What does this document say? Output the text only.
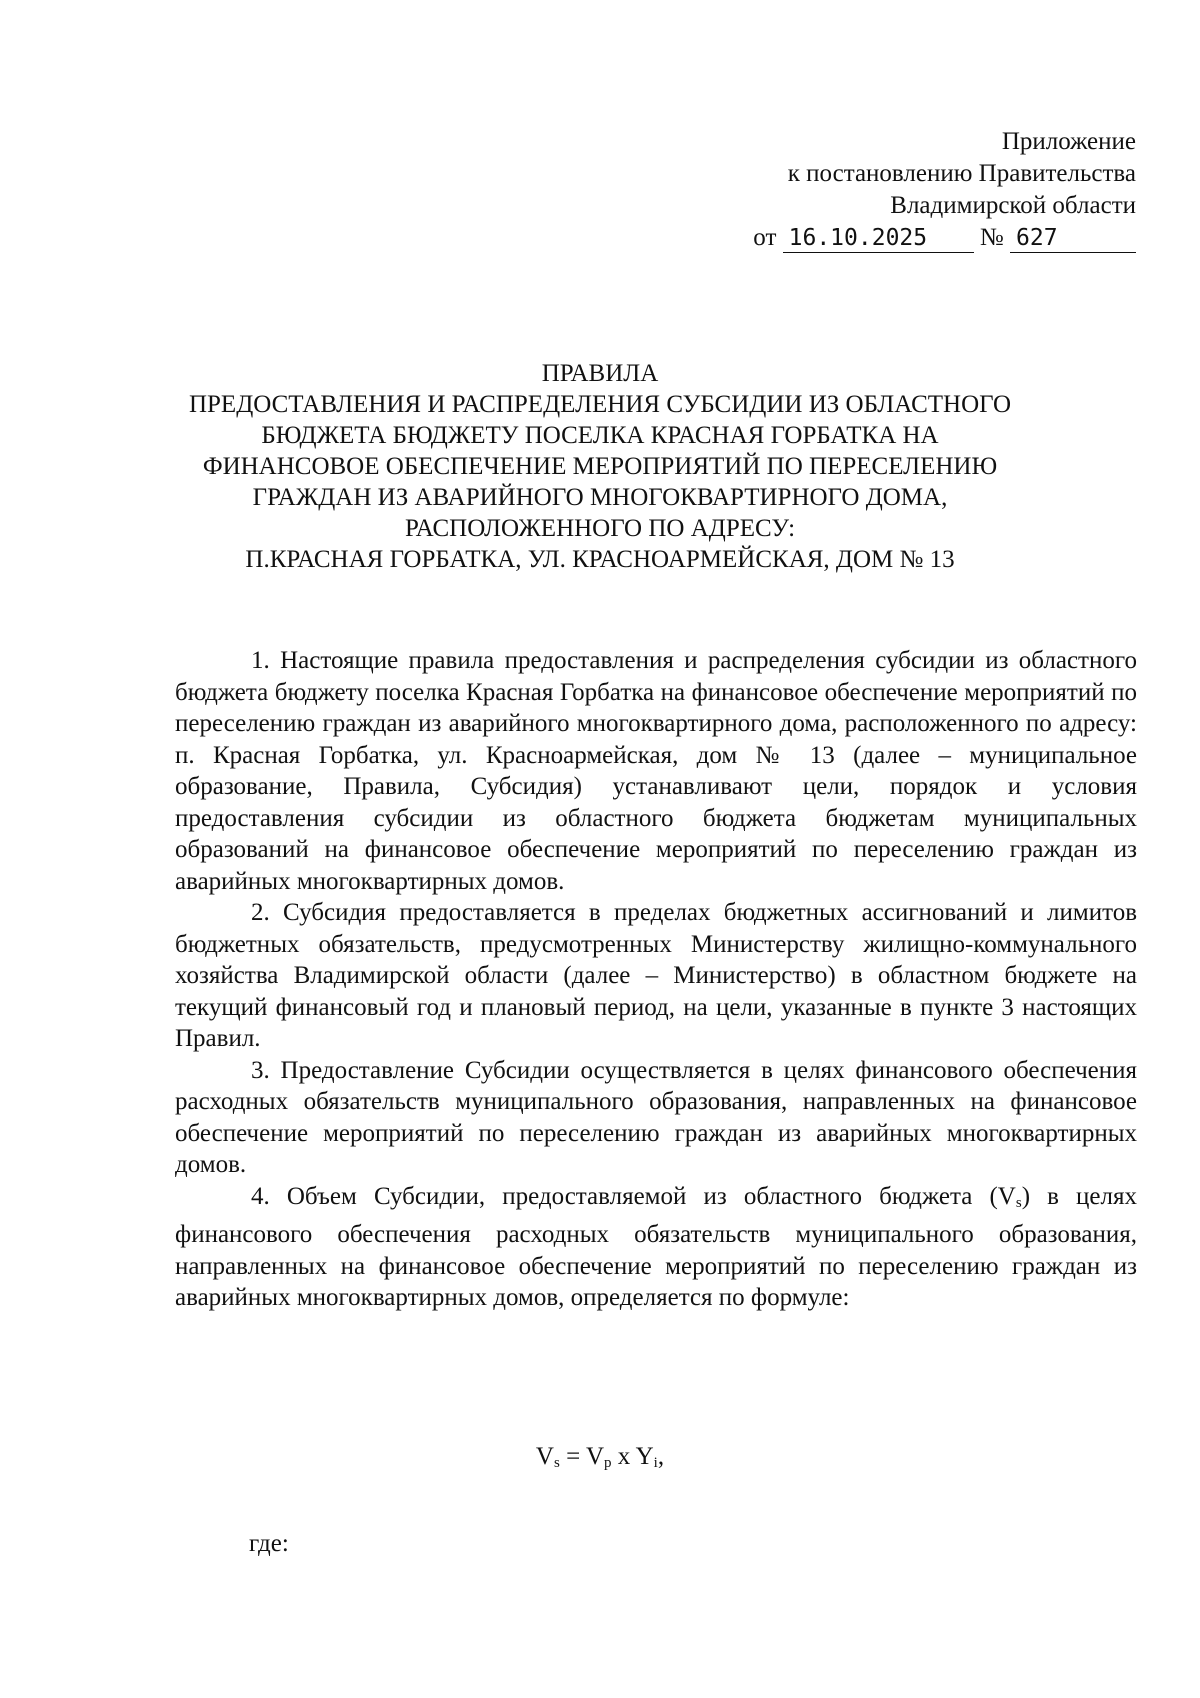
Приложение
к постановлению Правительства
Владимирской области
от 16.10.2025 № 627
ПРАВИЛА
ПРЕДОСТАВЛЕНИЯ И РАСПРЕДЕЛЕНИЯ СУБСИДИИ ИЗ ОБЛАСТНОГО
БЮДЖЕТА БЮДЖЕТУ ПОСЕЛКА КРАСНАЯ ГОРБАТКА НА
ФИНАНСОВОЕ ОБЕСПЕЧЕНИЕ МЕРОПРИЯТИЙ ПО ПЕРЕСЕЛЕНИЮ
ГРАЖДАН ИЗ АВАРИЙНОГО МНОГОКВАРТИРНОГО ДОМА,
РАСПОЛОЖЕННОГО ПО АДРЕСУ:
П.КРАСНАЯ ГОРБАТКА, УЛ. КРАСНОАРМЕЙСКАЯ, ДОМ № 13

1. Настоящие правила предоставления и распределения субсидии из областного бюджета бюджету поселка Красная Горбатка на финансовое обеспечение мероприятий по переселению граждан из аварийного многоквартирного дома, расположенного по адресу: п. Красная Горбатка, ул. Красноармейская, дом № 13 (далее – муниципальное образование, Правила, Субсидия) устанавливают цели, порядок и условия предоставления субсидии из областного бюджета бюджетам муниципальных образований на финансовое обеспечение мероприятий по переселению граждан из аварийных многоквартирных домов.

2. Субсидия предоставляется в пределах бюджетных ассигнований и лимитов бюджетных обязательств, предусмотренных Министерству жилищно-коммунального хозяйства Владимирской области (далее – Министерство) в областном бюджете на текущий финансовый год и плановый период, на цели, указанные в пункте 3 настоящих Правил.

3. Предоставление Субсидии осуществляется в целях финансового обеспечения расходных обязательств муниципального образования, направленных на финансовое обеспечение мероприятий по переселению граждан из аварийных многоквартирных домов.

4. Объем Субсидии, предоставляемой из областного бюджета $(V_s)$ в целях финансового обеспечения расходных обязательств муниципального образования, направленных на финансовое обеспечение мероприятий по переселению граждан из аварийных многоквартирных домов, определяется по формуле:

$V_s = V_p$ x $Y_i$,
где:
